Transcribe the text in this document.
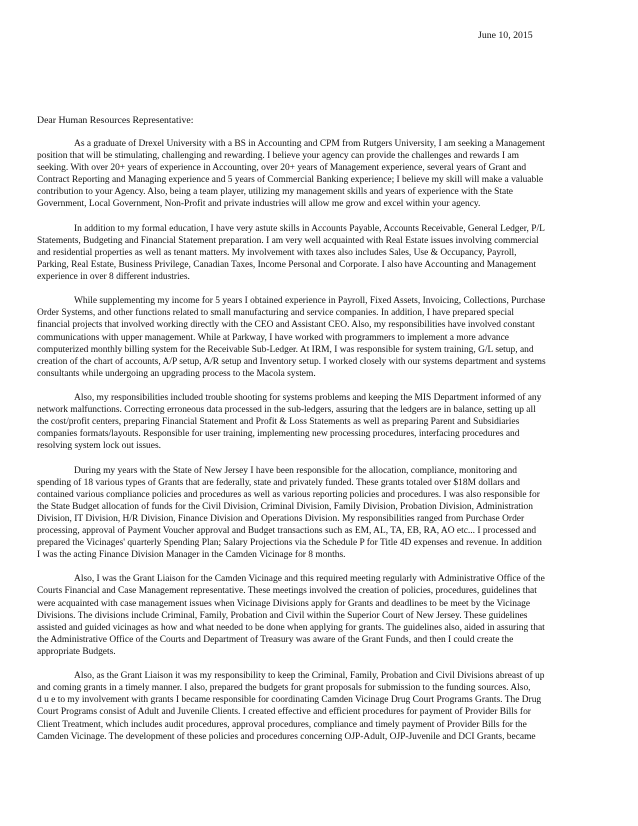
June 10, 2015
Dear Human Resources Representative:
As a graduate of Drexel University with a BS in Accounting and CPM from Rutgers University, I am seeking a Management
position that will be stimulating, challenging and rewarding. I believe your agency can provide the challenges and rewards I am
seeking. With over 20+ years of experience in Accounting, over 20+ years of Management experience, several years of Grant and
Contract Reporting and Managing experience and 5 years of Commercial Banking experience; I believe my skill will make a valuable
contribution to your Agency. Also, being a team player, utilizing my management skills and years of experience with the State
Government, Local Government, Non-Profit and private industries will allow me grow and excel within your agency.
In addition to my formal education, I have very astute skills in Accounts Payable, Accounts Receivable, General Ledger, P/L
Statements, Budgeting and Financial Statement preparation. I am very well acquainted with Real Estate issues involving commercial
and residential properties as well as tenant matters. My involvement with taxes also includes Sales, Use & Occupancy, Payroll,
Parking, Real Estate, Business Privilege, Canadian Taxes, Income Personal and Corporate. I also have Accounting and Management
experience in over 8 different industries.
While supplementing my income for 5 years I obtained experience in Payroll, Fixed Assets, Invoicing, Collections, Purchase
Order Systems, and other functions related to small manufacturing and service companies. In addition, I have prepared special
financial projects that involved working directly with the CEO and Assistant CEO. Also, my responsibilities have involved constant
communications with upper management. While at Parkway, I have worked with programmers to implement a more advance
computerized monthly billing system for the Receivable Sub-Ledger. At IRM, I was responsible for system training, G/L setup, and
creation of the chart of accounts, A/P setup, A/R setup and Inventory setup. I worked closely with our systems department and systems
consultants while undergoing an upgrading process to the Macola system.
Also, my responsibilities included trouble shooting for systems problems and keeping the MIS Department informed of any
network malfunctions. Correcting erroneous data processed in the sub-ledgers, assuring that the ledgers are in balance, setting up all
the cost/profit centers, preparing Financial Statement and Profit & Loss Statements as well as preparing Parent and Subsidiaries
companies formats/layouts. Responsible for user training, implementing new processing procedures, interfacing procedures and
resolving system lock out issues.
During my years with the State of New Jersey I have been responsible for the allocation, compliance, monitoring and
spending of 18 various types of Grants that are federally, state and privately funded. These grants totaled over $18M dollars and
contained various compliance policies and procedures as well as various reporting policies and procedures. I was also responsible for
the State Budget allocation of funds for the Civil Division, Criminal Division, Family Division, Probation Division, Administration
Division, IT Division, H/R Division, Finance Division and Operations Division. My responsibilities ranged from Purchase Order
processing, approval of Payment Voucher approval and Budget transactions such as EM, AL, TA, EB, RA, AO etc... I processed and
prepared the Vicinages' quarterly Spending Plan; Salary Projections via the Schedule P for Title 4D expenses and revenue. In addition
I was the acting Finance Division Manager in the Camden Vicinage for 8 months.
Also, I was the Grant Liaison for the Camden Vicinage and this required meeting regularly with Administrative Office of the
Courts Financial and Case Management representative. These meetings involved the creation of policies, procedures, guidelines that
were acquainted with case management issues when Vicinage Divisions apply for Grants and deadlines to be meet by the Vicinage
Divisions. The divisions include Criminal, Family, Probation and Civil within the Superior Court of New Jersey. These guidelines
assisted and guided vicinages as how and what needed to be done when applying for grants. The guidelines also, aided in assuring that
the Administrative Office of the Courts and Department of Treasury was aware of the Grant Funds, and then I could create the
appropriate Budgets.
Also, as the Grant Liaison it was my responsibility to keep the Criminal, Family, Probation and Civil Divisions abreast of up
and coming grants in a timely manner. I also, prepared the budgets for grant proposals for submission to the funding sources. Also,
d u e to my involvement with grants I became responsible for coordinating Camden Vicinage Drug Court Programs Grants. The Drug
Court Programs consist of Adult and Juvenile Clients. I created effective and efficient procedures for payment of Provider Bills for
Client Treatment, which includes audit procedures, approval procedures, compliance and timely payment of Provider Bills for the
Camden Vicinage. The development of these policies and procedures concerning OJP-Adult, OJP-Juvenile and DCI Grants, became
